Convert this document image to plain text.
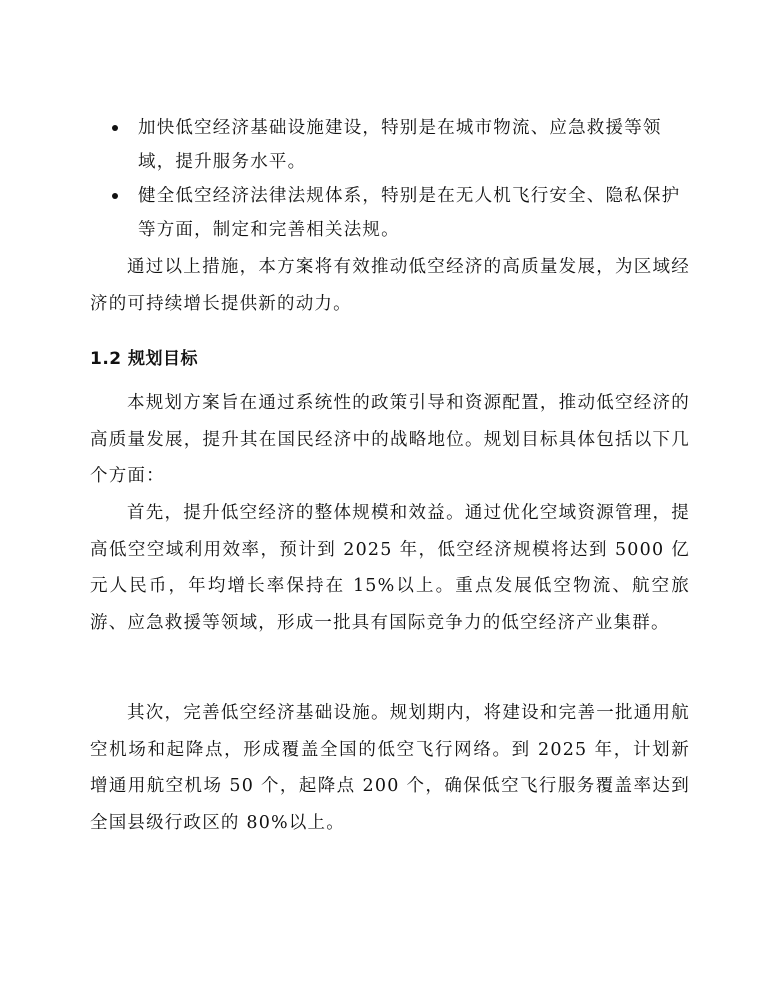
加快低空经济基础设施建设，特别是在城市物流、应急救援等领域，提升服务水平。
健全低空经济法律法规体系，特别是在无人机飞行安全、隐私保护等方面，制定和完善相关法规。

通过以上措施，本方案将有效推动低空经济的高质量发展，为区域经济的可持续增长提供新的动力。

1.2 规划目标

本规划方案旨在通过系统性的政策引导和资源配置，推动低空经济的高质量发展，提升其在国民经济中的战略地位。规划目标具体包括以下几个方面：

首先，提升低空经济的整体规模和效益。通过优化空域资源管理，提高低空空域利用效率，预计到 2025 年，低空经济规模将达到 5000 亿元人民币，年均增长率保持在 15%以上。重点发展低空物流、航空旅游、应急救援等领域，形成一批具有国际竞争力的低空经济产业集群。

其次，完善低空经济基础设施。规划期内，将建设和完善一批通用航空机场和起降点，形成覆盖全国的低空飞行网络。到 2025 年，计划新增通用航空机场 50 个，起降点 200 个，确保低空飞行服务覆盖率达到全国县级行政区的 80%以上。
